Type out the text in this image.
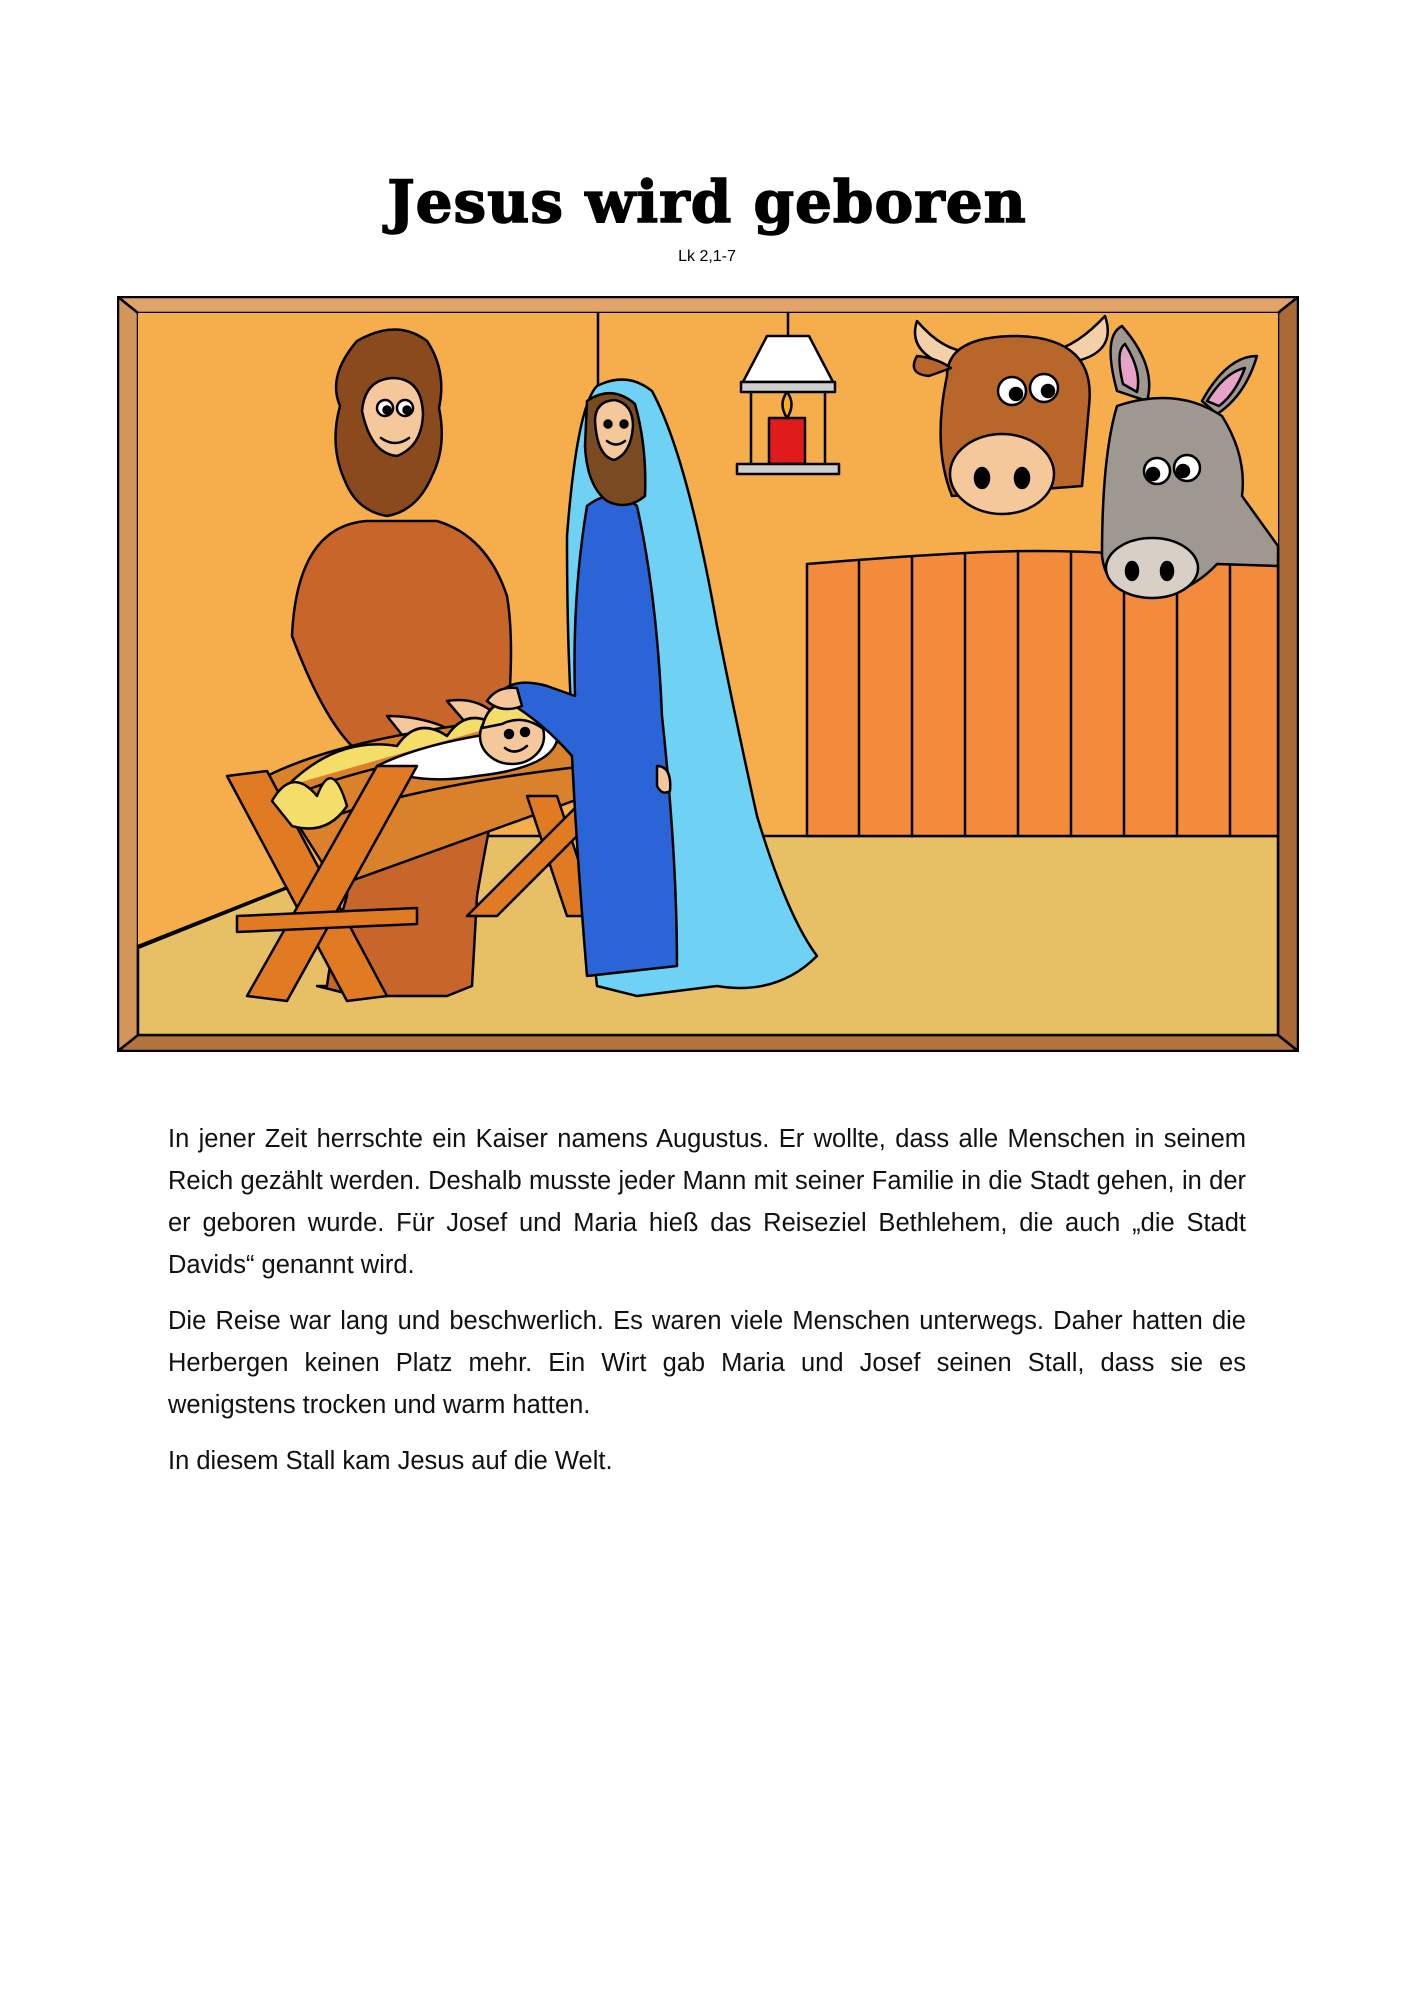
Jesus wird geboren
Lk 2,1-7

In jener Zeit herrschte ein Kaiser namens Augustus. Er wollte, dass alle Menschen in seinem Reich gezählt werden. Deshalb musste jeder Mann mit seiner Familie in die Stadt gehen, in der er geboren wurde. Für Josef und Maria hieß das Reiseziel Bethlehem, die auch „die Stadt Davids“ genannt wird.

Die Reise war lang und beschwerlich. Es waren viele Menschen unterwegs. Daher hatten die Herbergen keinen Platz mehr. Ein Wirt gab Maria und Josef seinen Stall, dass sie es wenigstens trocken und warm hatten.

In diesem Stall kam Jesus auf die Welt.
